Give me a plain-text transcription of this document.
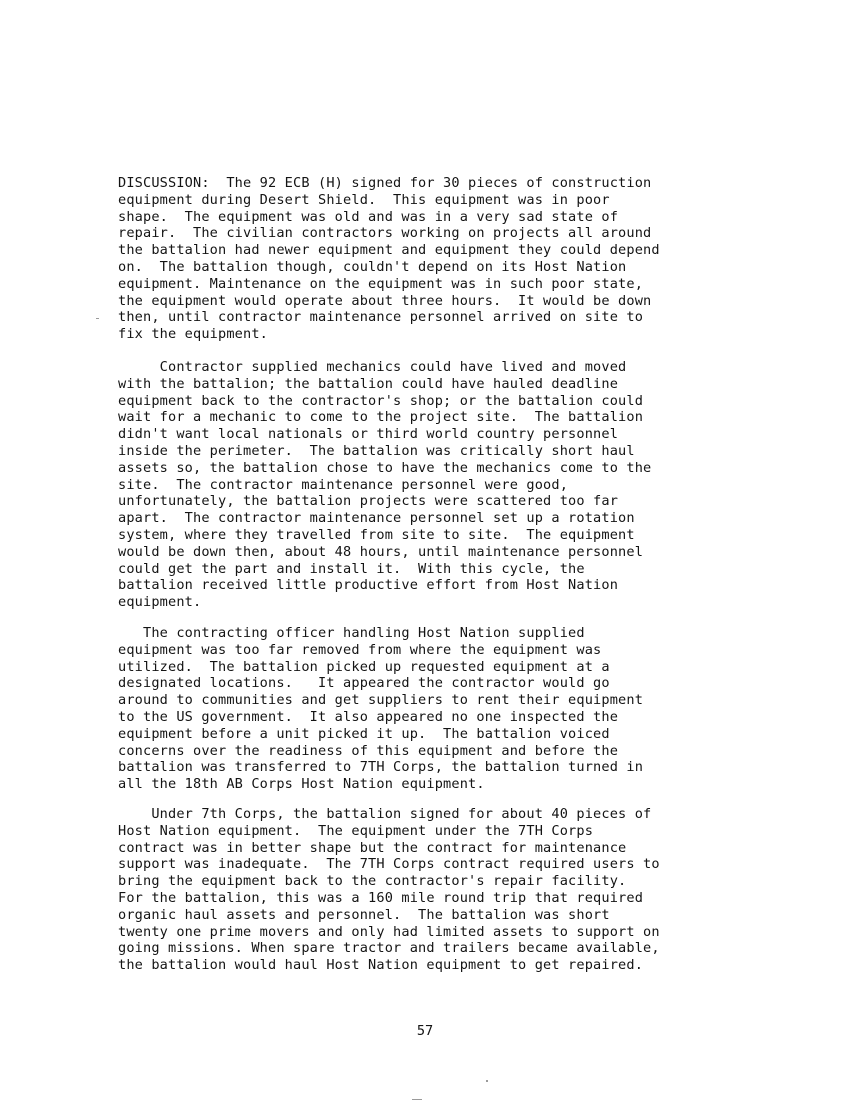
DISCUSSION:  The 92 ECB (H) signed for 30 pieces of construction
equipment during Desert Shield.  This equipment was in poor
shape.  The equipment was old and was in a very sad state of
repair.  The civilian contractors working on projects all around
the battalion had newer equipment and equipment they could depend
on.  The battalion though, couldn't depend on its Host Nation
equipment. Maintenance on the equipment was in such poor state,
the equipment would operate about three hours.  It would be down
then, until contractor maintenance personnel arrived on site to
fix the equipment.
Contractor supplied mechanics could have lived and moved
with the battalion; the battalion could have hauled deadline
equipment back to the contractor's shop; or the battalion could
wait for a mechanic to come to the project site.  The battalion
didn't want local nationals or third world country personnel
inside the perimeter.  The battalion was critically short haul
assets so, the battalion chose to have the mechanics come to the
site.  The contractor maintenance personnel were good,
unfortunately, the battalion projects were scattered too far
apart.  The contractor maintenance personnel set up a rotation
system, where they travelled from site to site.  The equipment
would be down then, about 48 hours, until maintenance personnel
could get the part and install it.  With this cycle, the
battalion received little productive effort from Host Nation
equipment.
The contracting officer handling Host Nation supplied
equipment was too far removed from where the equipment was
utilized.  The battalion picked up requested equipment at a
designated locations.   It appeared the contractor would go
around to communities and get suppliers to rent their equipment
to the US government.  It also appeared no one inspected the
equipment before a unit picked it up.  The battalion voiced
concerns over the readiness of this equipment and before the
battalion was transferred to 7TH Corps, the battalion turned in
all the 18th AB Corps Host Nation equipment.
Under 7th Corps, the battalion signed for about 40 pieces of
Host Nation equipment.  The equipment under the 7TH Corps
contract was in better shape but the contract for maintenance
support was inadequate.  The 7TH Corps contract required users to
bring the equipment back to the contractor's repair facility.
For the battalion, this was a 160 mile round trip that required
organic haul assets and personnel.  The battalion was short
twenty one prime movers and only had limited assets to support on
going missions. When spare tractor and trailers became available,
the battalion would haul Host Nation equipment to get repaired.
57
